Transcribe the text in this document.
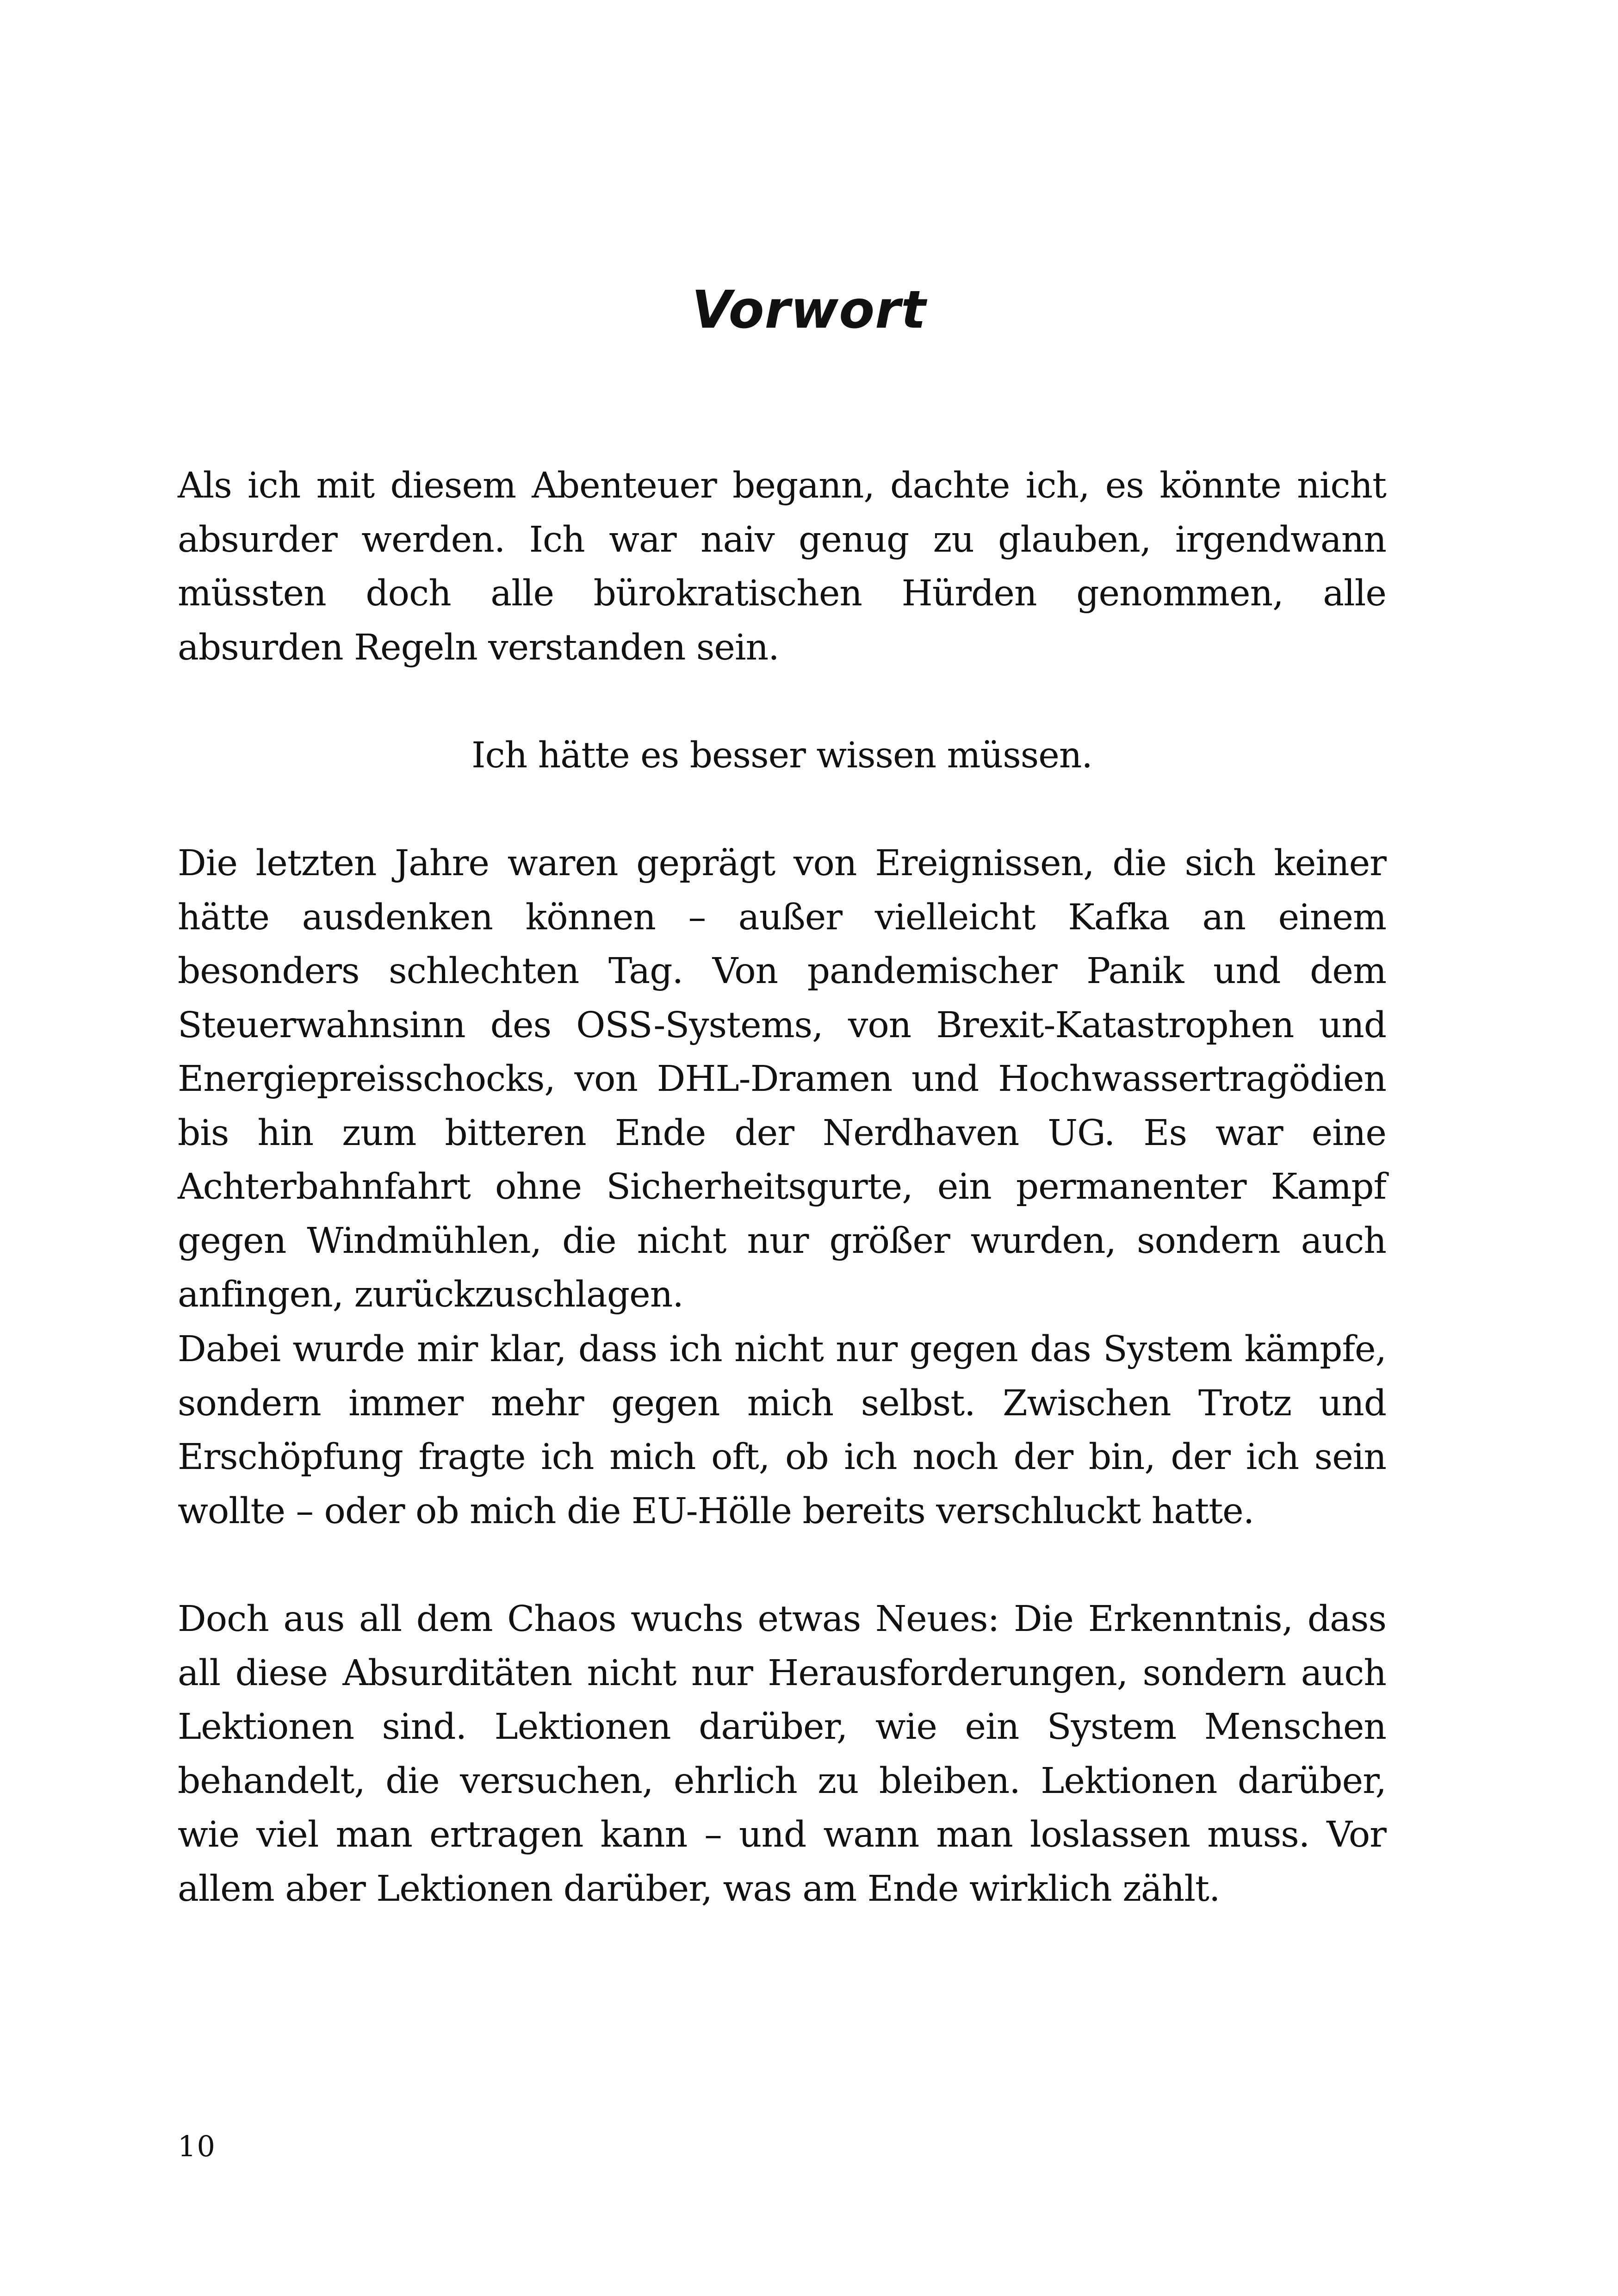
Vorwort

Als ich mit diesem Abenteuer begann, dachte ich, es könnte nicht absurder werden. Ich war naiv genug zu glauben, irgendwann müssten doch alle bürokratischen Hürden genommen, alle absurden Regeln verstanden sein.

Ich hätte es besser wissen müssen.

Die letzten Jahre waren geprägt von Ereignissen, die sich keiner hätte ausdenken können – außer vielleicht Kafka an einem besonders schlechten Tag. Von pandemischer Panik und dem Steuerwahnsinn des OSS-Systems, von Brexit-Katastrophen und Energiepreisschocks, von DHL-Dramen und Hochwassertragödien bis hin zum bitteren Ende der Nerdhaven UG. Es war eine Achterbahnfahrt ohne Sicherheitsgurte, ein permanenter Kampf gegen Windmühlen, die nicht nur größer wurden, sondern auch anfingen, zurückzuschlagen.

Dabei wurde mir klar, dass ich nicht nur gegen das System kämpfe, sondern immer mehr gegen mich selbst. Zwischen Trotz und Erschöpfung fragte ich mich oft, ob ich noch der bin, der ich sein wollte – oder ob mich die EU-Hölle bereits verschluckt hatte.

Doch aus all dem Chaos wuchs etwas Neues: Die Erkenntnis, dass all diese Absurditäten nicht nur Herausforderungen, sondern auch Lektionen sind. Lektionen darüber, wie ein System Menschen behandelt, die versuchen, ehrlich zu bleiben. Lektionen darüber, wie viel man ertragen kann – und wann man loslassen muss. Vor allem aber Lektionen darüber, was am Ende wirklich zählt.

10
